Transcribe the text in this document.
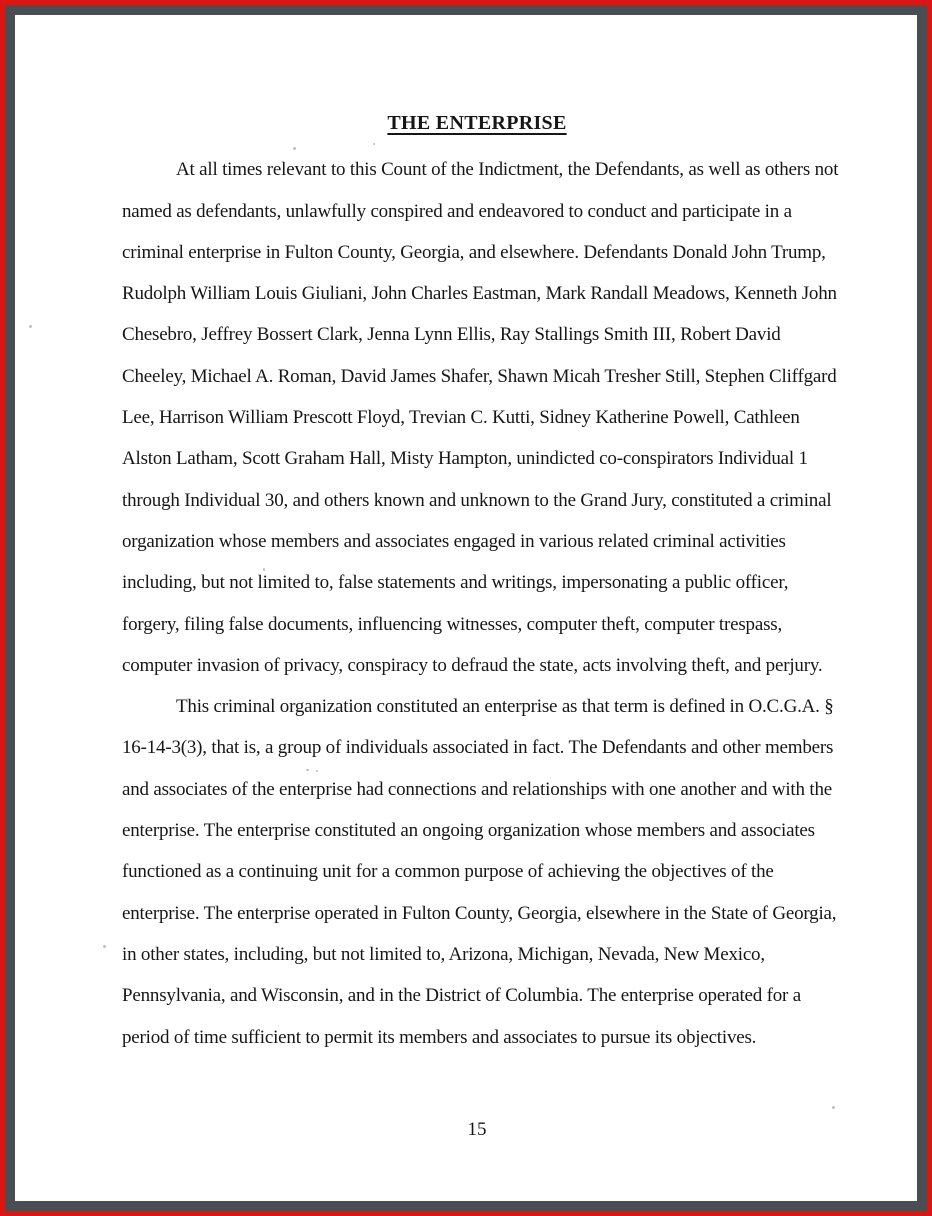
THE ENTERPRISE
At all times relevant to this Count of the Indictment, the Defendants, as well as others not
named as defendants, unlawfully conspired and endeavored to conduct and participate in a
criminal enterprise in Fulton County, Georgia, and elsewhere. Defendants Donald John Trump,
Rudolph William Louis Giuliani, John Charles Eastman, Mark Randall Meadows, Kenneth John
Chesebro, Jeffrey Bossert Clark, Jenna Lynn Ellis, Ray Stallings Smith III, Robert David
Cheeley, Michael A. Roman, David James Shafer, Shawn Micah Tresher Still, Stephen Cliffgard
Lee, Harrison William Prescott Floyd, Trevian C. Kutti, Sidney Katherine Powell, Cathleen
Alston Latham, Scott Graham Hall, Misty Hampton, unindicted co-conspirators Individual 1
through Individual 30, and others known and unknown to the Grand Jury, constituted a criminal
organization whose members and associates engaged in various related criminal activities
including, but not limited to, false statements and writings, impersonating a public officer,
forgery, filing false documents, influencing witnesses, computer theft, computer trespass,
computer invasion of privacy, conspiracy to defraud the state, acts involving theft, and perjury.
This criminal organization constituted an enterprise as that term is defined in O.C.G.A. §
16-14-3(3), that is, a group of individuals associated in fact. The Defendants and other members
and associates of the enterprise had connections and relationships with one another and with the
enterprise. The enterprise constituted an ongoing organization whose members and associates
functioned as a continuing unit for a common purpose of achieving the objectives of the
enterprise. The enterprise operated in Fulton County, Georgia, elsewhere in the State of Georgia,
in other states, including, but not limited to, Arizona, Michigan, Nevada, New Mexico,
Pennsylvania, and Wisconsin, and in the District of Columbia. The enterprise operated for a
period of time sufficient to permit its members and associates to pursue its objectives.
15
